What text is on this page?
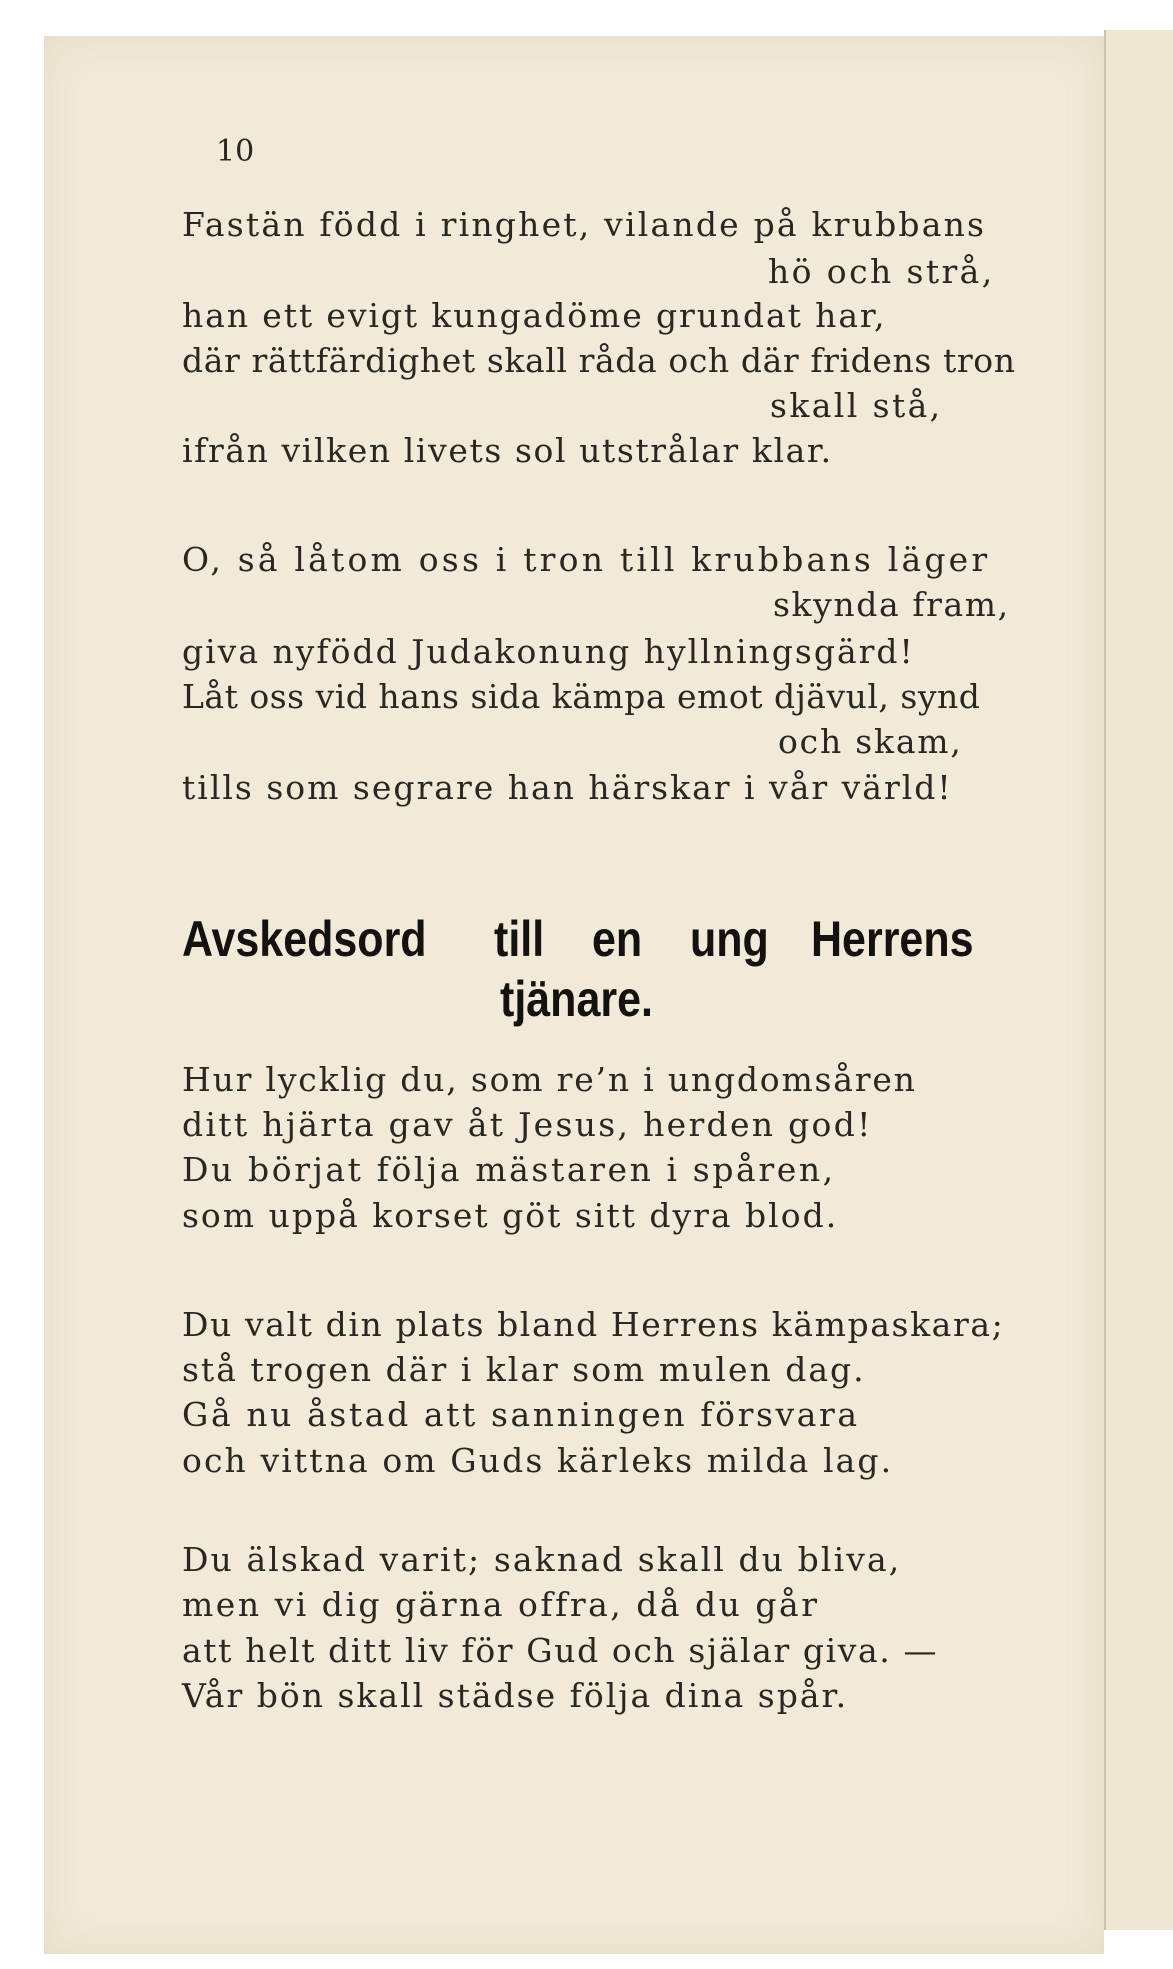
10
Fastän född i ringhet, vilande på krubbans
hö och strå,
han ett evigt kungadöme grundat har,
där rättfärdighet skall råda och där fridens tron
skall stå,
ifrån vilken livets sol utstrålar klar.
O, så låtom oss i tron till krubbans läger
skynda fram,
giva nyfödd Judakonung hyllningsgärd!
Låt oss vid hans sida kämpa emot djävul, synd
och skam,
tills som segrare han härskar i vår värld!
Avskedsord till en ung Herrens
tjänare.
Hur lycklig du, som re’n i ungdomsåren
ditt hjärta gav åt Jesus, herden god!
Du börjat följa mästaren i spåren,
som uppå korset göt sitt dyra blod.
Du valt din plats bland Herrens kämpaskara;
stå trogen där i klar som mulen dag.
Gå nu åstad att sanningen försvara
och vittna om Guds kärleks milda lag.
Du älskad varit; saknad skall du bliva,
men vi dig gärna offra, då du går
att helt ditt liv för Gud och själar giva. —
Vår bön skall städse följa dina spår.
